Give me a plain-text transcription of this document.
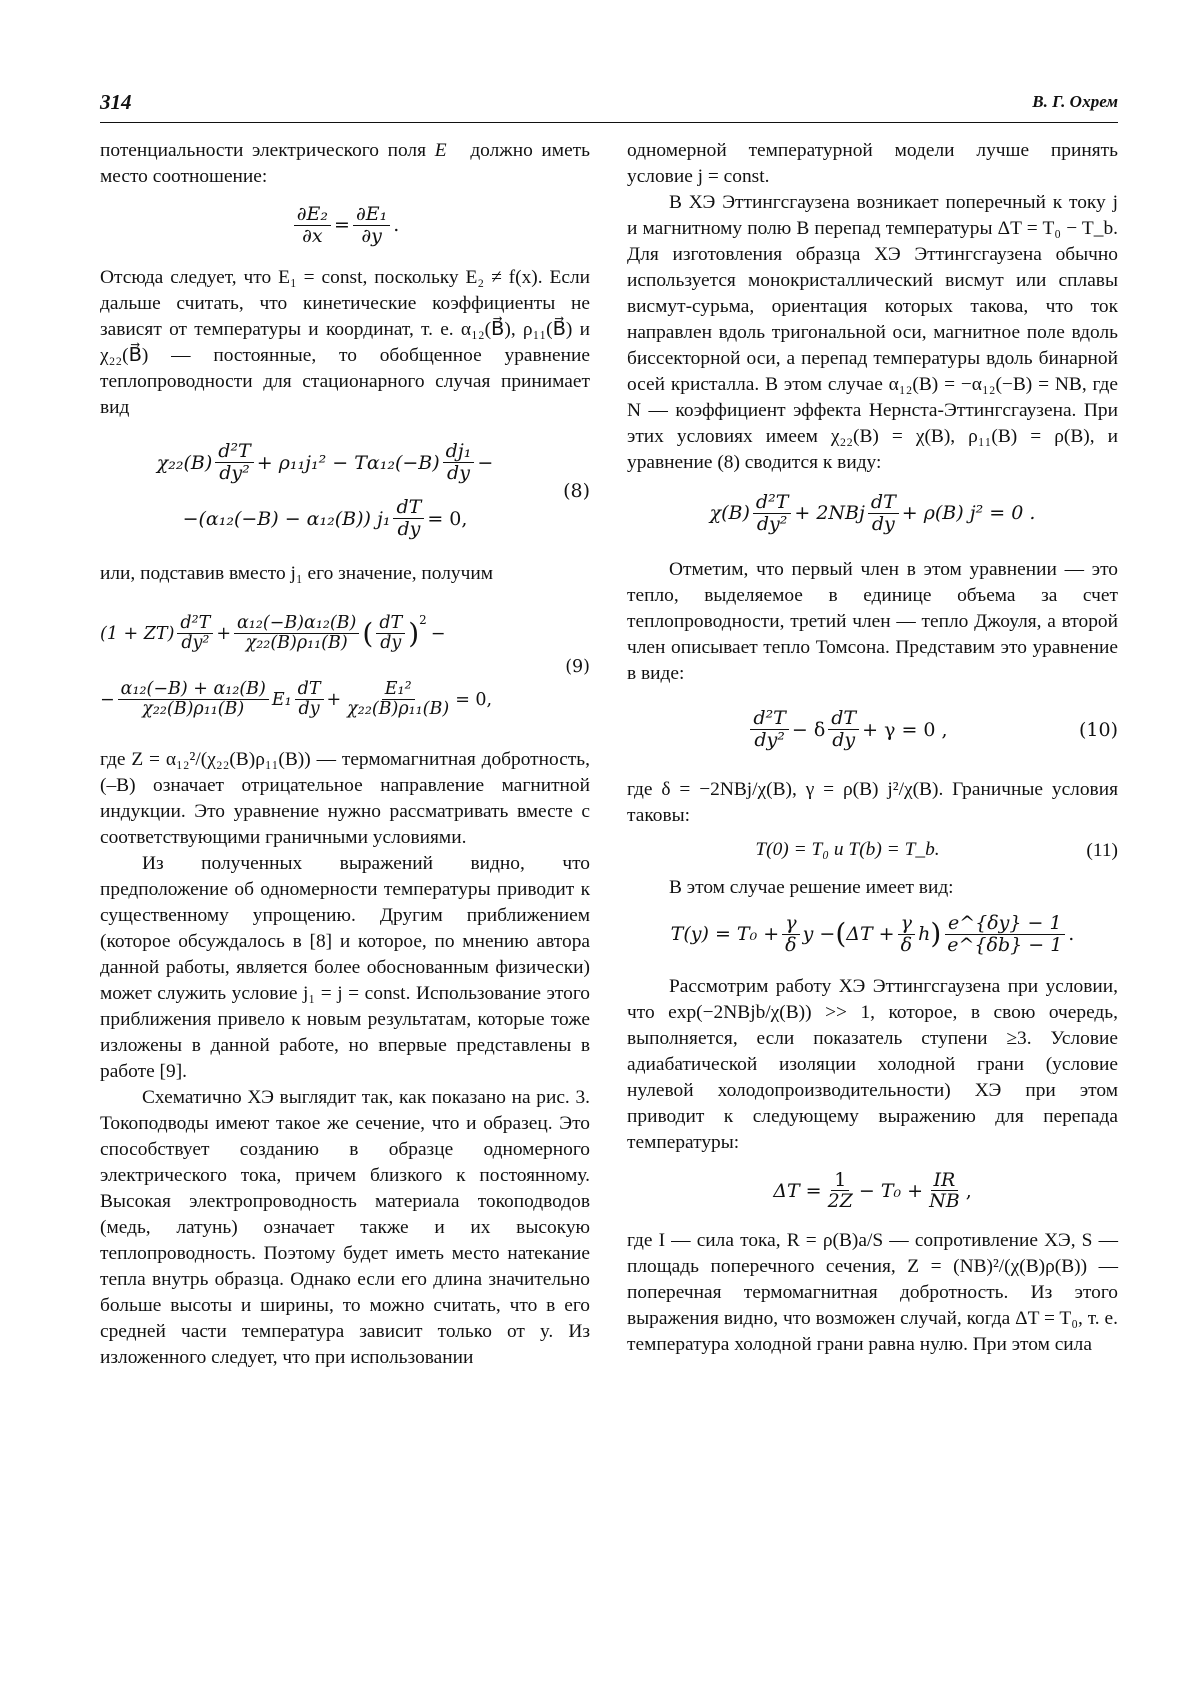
314	В. Г. Охрем

потенциальности электрического поля E должно иметь место соотношение:

$\frac{\text{∂E₂}}{\partial x} = \frac{\text{∂E₁}}{\partial y}$ .

Отсюда следует, что E₁ = const, поскольку E₂ ≠ f(x). Если дальше считать, что кинетические коэффициенты не зависят от температуры и координат, т. е. α₁₂(B⃗), ρ₁₁(B⃗) и χ₂₂(B⃗) — постоянные, то обобщенное уравнение теплопроводности для стационарного случая принимает вид

$\chi_{22}(B) \frac{\text{d²T}}{\text{dy²}} + \rho_{11}j_1^2 - T\alpha_{12}(-B) \frac{\text{dj₁}}{dy}$ −
−(α₁₂(−B) − α₁₂(B)) $j_1 \frac{dT}{dy} = 0$,
(8)

или, подставив вместо j₁ его значение, получим

$(1 + ZT) \frac{\text{d²T}}{\text{dy²}} + \frac{\text{α₁₂(−B)α₁₂(B)}}{\text{χ₂₂(B)ρ₁₁(B)}}$ ( $\frac{dT}{dy} )^2$
−
− $\frac{\text{α₁₂(−B) + α₁₂(B)}}{\text{χ₂₂(B)ρ₁₁(B)}} E_1 \frac{dT}{dy} + \frac{\text{E₁²}}{\text{χ₂₂(B)ρ₁₁(B)}} = 0$,
(9)

где Z = α₁₂²/(χ₂₂(B)ρ₁₁(B)) — термомагнитная добротность, (–B) означает отрицательное направление магнитной индукции. Это уравнение нужно рассматривать вместе с соответствующими граничными условиями.

Из полученных выражений видно, что предположение об одномерности температуры приводит к существенному упрощению. Другим приближением (которое обсуждалось в [8] и которое, по мнению автора данной работы, является более обоснованным физически) может служить условие j₁ = j = const. Использование этого приближения привело к новым результатам, которые тоже изложены в данной работе, но впервые представлены в работе [9].

Схематично ХЭ выглядит так, как показано на рис. 3. Токоподводы имеют такое же сечение, что и образец. Это способствует созданию в образце одномерного электрического тока, причем близкого к постоянному. Высокая электропроводность материала токоподводов (медь, латунь) означает также и их высокую теплопроводность. Поэтому будет иметь место натекание тепла внутрь образца. Однако если его длина значительно больше высоты и ширины, то можно считать, что в его средней части температура зависит только от y. Из изложенного следует, что при использовании

одномерной температурной модели лучше принять условие j = const.

В ХЭ Эттингсгаузена возникает поперечный к току j и магнитному полю B перепад температуры ΔT = T₀ − T_b. Для изготовления образца ХЭ Эттингсгаузена обычно используется монокристаллический висмут или сплавы висмут-сурьма, ориентация которых такова, что ток направлен вдоль тригональной оси, магнитное поле вдоль биссекторной оси, а перепад температуры вдоль бинарной осей кристалла. В этом случае α₁₂(B) = −α₁₂(−B) = NB, где N — коэффициент эффекта Нернста-Эттингсгаузена. При этих условиях имеем χ₂₂(B) = χ(B), ρ₁₁(B) = ρ(B), и уравнение (8) сводится к виду:

$\chi(B) \frac{\text{d²T}}{\text{dy²}} + 2NBj \frac{dT}{dy} + \rho(B) j^2 = 0$ .

Отметим, что первый член в этом уравнении — это тепло, выделяемое в единице объема за счет теплопроводности, третий член — тепло Джоуля, а второй член описывает тепло Томсона. Представим это уравнение в виде:

$\frac{\text{d²T}}{\text{dy²}} - \delta \frac{dT}{dy} + \gamma = 0$ ,	(10)

где δ = −2NBj/χ(B), γ = ρ(B) j²/χ(B). Граничные условия таковы:

T(0) = T₀ и T(b) = T_b.	(11)

В этом случае решение имеет вид:

$T(y) = T_0 + \frac{\gamma}{\delta}$ y − ( $\Delta T + \frac{\gamma}{\delta}$ h ) $\frac{e\^{}\{\delta y\} - 1}{e\^{}\{\delta b\} - 1}$ .

Рассмотрим работу ХЭ Эттингсгаузена при условии, что exp(−2NBjb/χ(B)) >> 1, которое, в свою очередь, выполняется, если показатель ступени ≥3. Условие адиабатической изоляции холодной грани (условие нулевой холодопроизводительности) ХЭ при этом приводит к следующему выражению для перепада температуры:

$\Delta T = \frac{1}{2Z} - T_0 + \frac{IR}{NB}$ ,

где I — сила тока, R = ρ(B)a/S — сопротивление ХЭ, S — площадь поперечного сечения, Z = (NB)²/(χ(B)ρ(B)) — поперечная термомагнитная добротность. Из этого выражения видно, что возможен случай, когда ΔT = T₀, т. е. температура холодной грани равна нулю. При этом сила
